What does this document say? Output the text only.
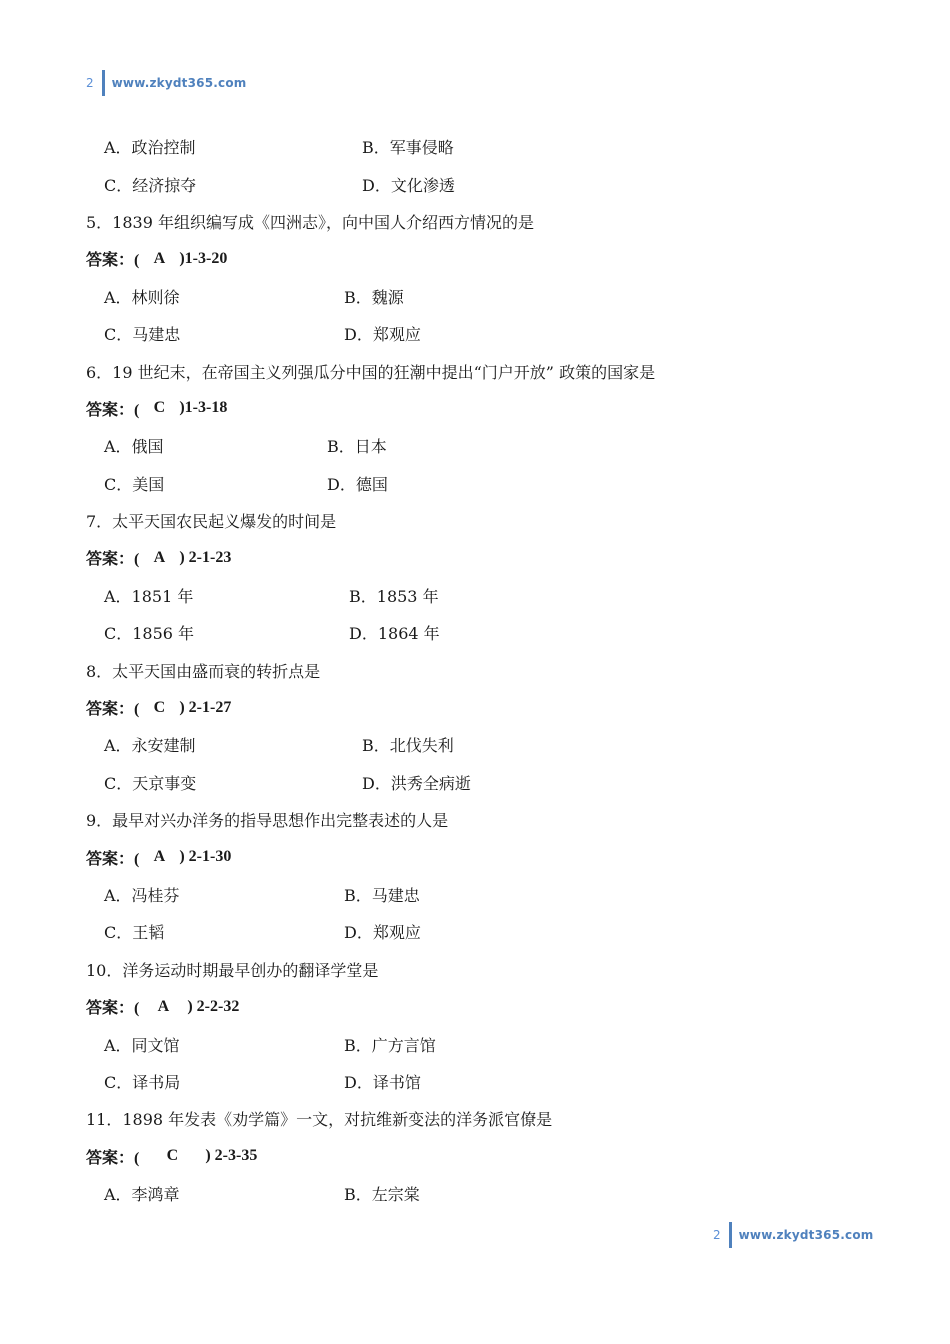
2 www.zkydt365.com
A．政治控制	B．军事侵略
C．经济掠夺	D．文化渗透
5．1839 年组织编写成《四洲志》，向中国人介绍西方情况的是
答案：( A )1-3-20
A．林则徐	B．魏源
C．马建忠	D．郑观应
6．19 世纪末，在帝国主义列强瓜分中国的狂潮中提出“门户开放” 政策的国家是
答案：( C )1-3-18
A．俄国	B．日本
C．美国	D．德国
7．太平天国农民起义爆发的时间是
答案：( A ) 2-1-23
A．1851 年	B．1853 年
C．1856 年	D．1864 年
8．太平天国由盛而衰的转折点是
答案：( C ) 2-1-27
A．永安建制	B．北伐失利
C．天京事变	D．洪秀全病逝
9．最早对兴办洋务的指导思想作出完整表述的人是
答案：( A ) 2-1-30
A．冯桂芬	B．马建忠
C．王韬	D．郑观应
10．洋务运动时期最早创办的翻译学堂是
答案：(	A	) 2-2-32
A．同文馆	B．广方言馆
C．译书局	D．译书馆
11．1898 年发表《劝学篇》一文，对抗维新变法的洋务派官僚是
答案：(	C	) 2-3-35
A．李鸿章	B．左宗棠
2 www.zkydt365.com
